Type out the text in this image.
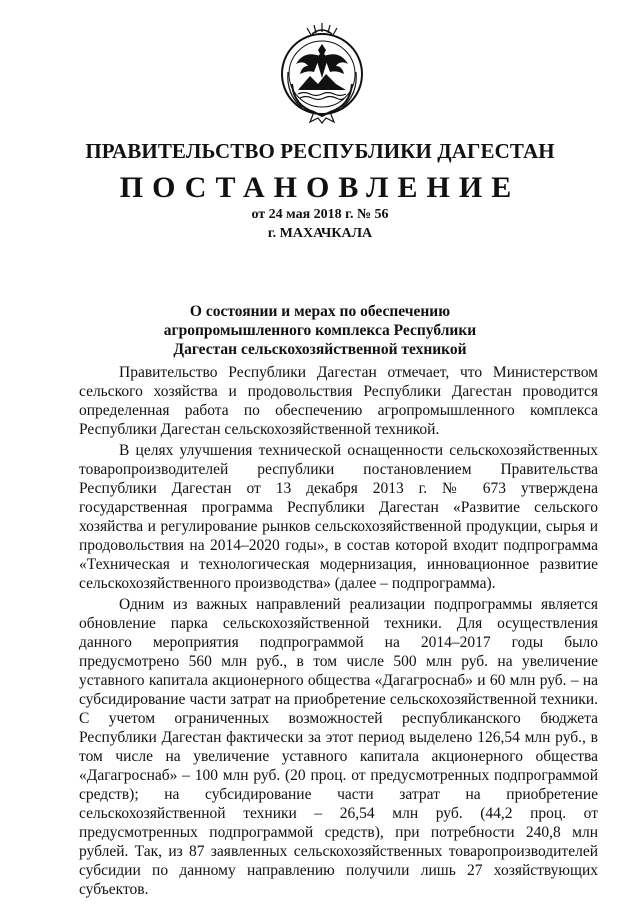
ПРАВИТЕЛЬСТВО РЕСПУБЛИКИ ДАГЕСТАН
ПОСТАНОВЛЕНИЕ
от 24 мая 2018 г. № 56
г. МАХАЧКАЛА
О состоянии и мерах по обеспечению
агропромышленного комплекса Республики
Дагестан сельскохозяйственной техникой

Правительство Республики Дагестан отмечает, что Министерством сельского хозяйства и продовольствия Республики Дагестан проводится определенная работа по обеспечению агропромышленного комплекса Республики Дагестан сельскохозяйственной техникой.

В целях улучшения технической оснащенности сельскохозяйственных товаропроизводителей республики постановлением Правительства Республики Дагестан от 13 декабря 2013 г. № 673 утверждена государственная программа Республики Дагестан «Развитие сельского хозяйства и регулирование рынков сельскохозяйственной продукции, сырья и продовольствия на 2014–2020 годы», в состав которой входит подпрограмма «Техническая и технологическая модернизация, инновационное развитие сельскохозяйственного производства» (далее – подпрограмма).

Одним из важных направлений реализации подпрограммы является обновление парка сельскохозяйственной техники. Для осуществления данного мероприятия подпрограммой на 2014–2017 годы было предусмотрено 560 млн руб., в том числе 500 млн руб. на увеличение уставного капитала акционерного общества «Дагагроснаб» и 60 млн руб. – на субсидирование части затрат на приобретение сельскохозяйственной техники. С учетом ограниченных возможностей республиканского бюджета Республики Дагестан фактически за этот период выделено 126,54 млн руб., в том числе на увеличение уставного капитала акционерного общества «Дагагроснаб» – 100 млн руб. (20 проц. от предусмотренных подпрограммой средств); на субсидирование части затрат на приобретение сельскохозяйственной техники – 26,54 млн руб. (44,2 проц. от предусмотренных подпрограммой средств), при потребности 240,8 млн рублей. Так, из 87 заявленных сельскохозяйственных товаропроизводителей субсидии по данному направлению получили лишь 27 хозяйствующих субъектов.
